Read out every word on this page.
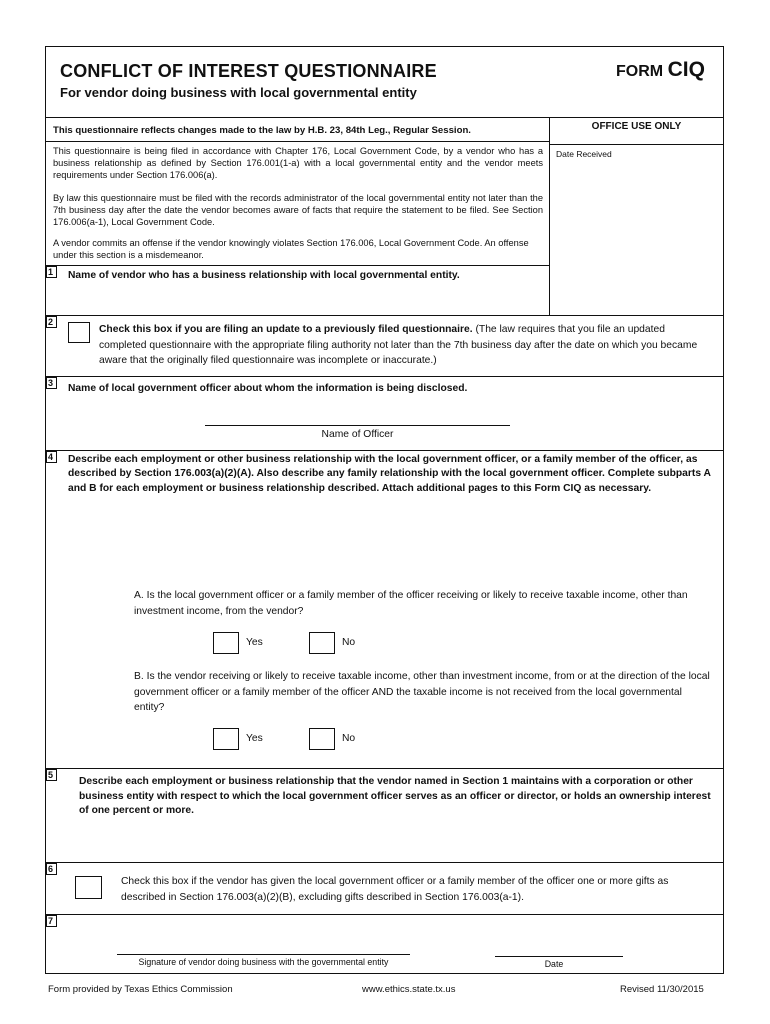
CONFLICT OF INTEREST QUESTIONNAIRE
For vendor doing business with local governmental entity
FORM CIQ
OFFICE USE ONLY
Date Received
This questionnaire reflects changes made to the law by H.B. 23, 84th Leg., Regular Session.
This questionnaire is being filed in accordance with Chapter 176, Local Government Code, by a vendor who has a business relationship as defined by Section 176.001(1-a) with a local governmental entity and the vendor meets requirements under Section 176.006(a).
By law this questionnaire must be filed with the records administrator of the local governmental entity not later than the 7th business day after the date the vendor becomes aware of facts that require the statement to be filed. See Section 176.006(a-1), Local Government Code.
A vendor commits an offense if the vendor knowingly violates Section 176.006, Local Government Code. An offense under this section is a misdemeanor.
1	Name of vendor who has a business relationship with local governmental entity.
2
Check this box if you are filing an update to a previously filed questionnaire. (The law requires that you file an updated completed questionnaire with the appropriate filing authority not later than the 7th business day after the date on which you became aware that the originally filed questionnaire was incomplete or inaccurate.)
3	Name of local government officer about whom the information is being disclosed.
Name of Officer
4	Describe each employment or other business relationship with the local government officer, or a family member of the officer, as described by Section 176.003(a)(2)(A). Also describe any family relationship with the local government officer. Complete subparts A and B for each employment or business relationship described. Attach additional pages to this Form CIQ as necessary.
A. Is the local government officer or a family member of the officer receiving or likely to receive taxable income, other than investment income, from the vendor?
Yes	No
B. Is the vendor receiving or likely to receive taxable income, other than investment income, from or at the direction of the local government officer or a family member of the officer AND the taxable income is not received from the local governmental entity?
Yes	No
5
Describe each employment or business relationship that the vendor named in Section 1 maintains with a corporation or other business entity with respect to which the local government officer serves as an officer or director, or holds an ownership interest of one percent or more.
6
Check this box if the vendor has given the local government officer or a family member of the officer one or more gifts as described in Section 176.003(a)(2)(B), excluding gifts described in Section 176.003(a-1).
7
Signature of vendor doing business with the governmental entity	Date
Form provided by Texas Ethics Commission	www.ethics.state.tx.us	Revised 11/30/2015
